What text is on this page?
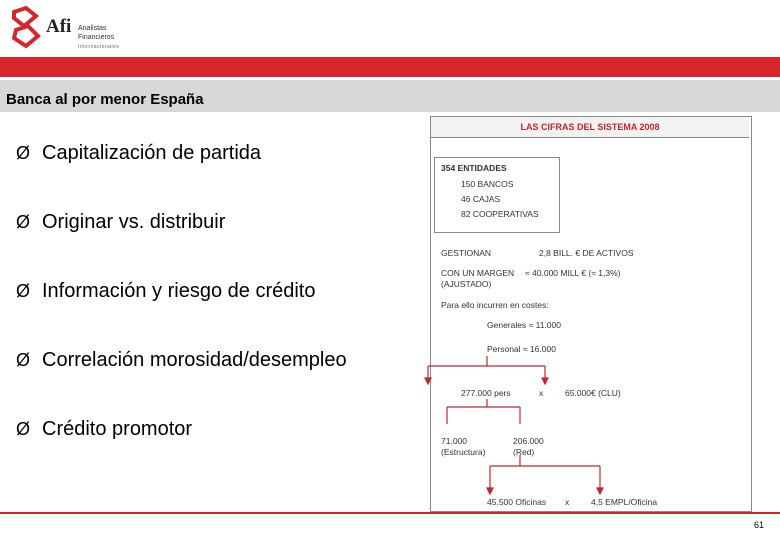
Afi Analistas
Financieros
Internacionales
Banca al por menor España
Ø Capitalización de partida
Ø Originar vs. distribuir
Ø Información y riesgo de crédito
Ø Correlación morosidad/desempleo
Ø Crédito promotor
LAS CIFRAS DEL SISTEMA 2008
354 ENTIDADES
150 BANCOS
46 CAJAS
82 COOPERATIVAS
GESTIONAN	2,8 BILL. € DE ACTIVOS
CON UN MARGEN ≈ 40.000 MILL € (≈ 1,3%)
(AJUSTADO)
Para ello incurren en costes:
Generales ≈ 11.000
Personal ≈ 16.000
277.000 pers	x	65.000€ (CLU)
71.000
(Estructura)
206.000
(Red)
45.500 Oficinas x	4,5 EMPL/Oficina
61
